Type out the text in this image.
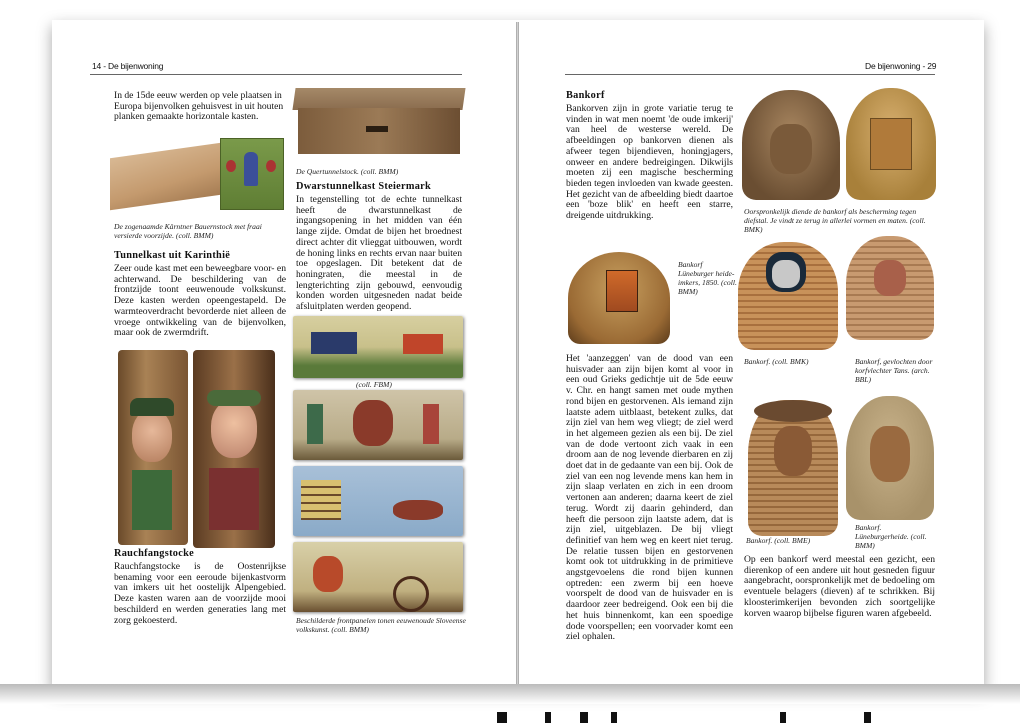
14 - De bijenwoning
In de 15de eeuw werden op vele plaatsen in Europa bijenvolken gehuisvest in uit houten planken gemaakte horizontale kasten.
De zogenaamde Kärntner Bauernstock met fraai versierde voorzijde. (coll. BMM)
Tunnelkast uit Karinthië
Zeer oude kast met een beweegbare voor- en achterwand. De beschildering van de frontzijde toont eeuwenoude volkskunst. Deze kasten werden opeengestapeld. De warmteoverdracht bevorderde niet alleen de vroege ontwikkeling van de bijenvolken, maar ook de zwermdrift.
Rauchfangstocke
Rauchfangstocke is de Oostenrijkse benaming voor een eeroude bijenkastvorm van imkers uit het oostelijk Alpengebied. Deze kasten waren aan de voorzijde mooi beschilderd en werden generaties lang met zorg gekoesterd.
De Quertunnelstock. (coll. BMM)
Dwarstunnelkast Steiermark
In tegenstelling tot de echte tunnelkast heeft de dwarstunnelkast de ingangsopening in het midden van één lange zijde. Omdat de bijen het broednest direct achter dit vlieggat uitbouwen, wordt de honing links en rechts ervan naar buiten toe opgeslagen. Dit betekent dat de honingraten, die meestal in de lengterichting zijn gebouwd, eenvoudig konden worden uitgesneden nadat beide afsluitplaten werden geopend.
(coll. FBM)
Beschilderde frontpanelen tonen eeuwenoude Sloveense volkskunst. (coll. BMM)
De bijenwoning - 29
Bankorf
Bankorven zijn in grote variatie terug te vinden in wat men noemt 'de oude imkerij' van heel de westerse wereld. De afbeeldingen op bankorven dienen als afweer tegen bijendieven, honingjagers, onweer en andere bedreigingen. Dikwijls moeten zij een magische bescherming bieden tegen invloeden van kwade geesten. Het gezicht van de afbeelding biedt daartoe een 'boze blik' en heeft een starre, dreigende uitdrukking.
Bankorf Lüneburger heide-imkers, 1850. (coll. BMM)
Het 'aanzeggen' van de dood van een huisvader aan zijn bijen komt al voor in een oud Grieks gedichtje uit de 5de eeuw v. Chr. en hangt samen met oude mythen rond bijen en gestorvenen. Als iemand zijn laatste adem uitblaast, betekent zulks, dat zijn ziel van hem weg vliegt; de ziel werd in het algemeen gezien als een bij. De ziel van de dode vertoont zich vaak in een droom aan de nog levende dierbaren en zij doet dat in de gedaante van een bij. Ook de ziel van een nog levende mens kan hem in zijn slaap verlaten en zich in een droom vertonen aan anderen; daarna keert de ziel terug. Wordt zij daarin gehinderd, dan heeft die persoon zijn laatste adem, dat is zijn ziel, uitgeblazen. De bij vliegt definitief van hem weg en keert niet terug. De relatie tussen bijen en gestorvenen komt ook tot uitdrukking in de primitieve angstgevoelens die rond bijen kunnen optreden: een zwerm bij een hoeve voorspelt de dood van de huisvader en is daardoor zeer bedreigend. Ook een bij die het huis binnenkomt, kan een spoedige dode voorspellen; een voorvader komt een ziel ophalen.
Oorspronkelijk diende de bankorf als bescherming tegen diefstal. Je vindt ze terug in allerlei vormen en maten. (coll. BMK)
Bankorf. (coll. BMK)	Bankorf, gevlochten door korfvlechter Tans. (arch. BBL)
Bankorf. (coll. BME)
Bankorf. Lüneburgerheide. (coll. BMM)
Op een bankorf werd meestal een gezicht, een dierenkop of een andere uit hout gesneden figuur aangebracht, oorspronkelijk met de bedoeling om eventuele belagers (dieven) af te schrikken. Bij kloosterimkerijen bevonden zich soortgelijke korven waarop bijbelse figuren waren afgebeeld.
